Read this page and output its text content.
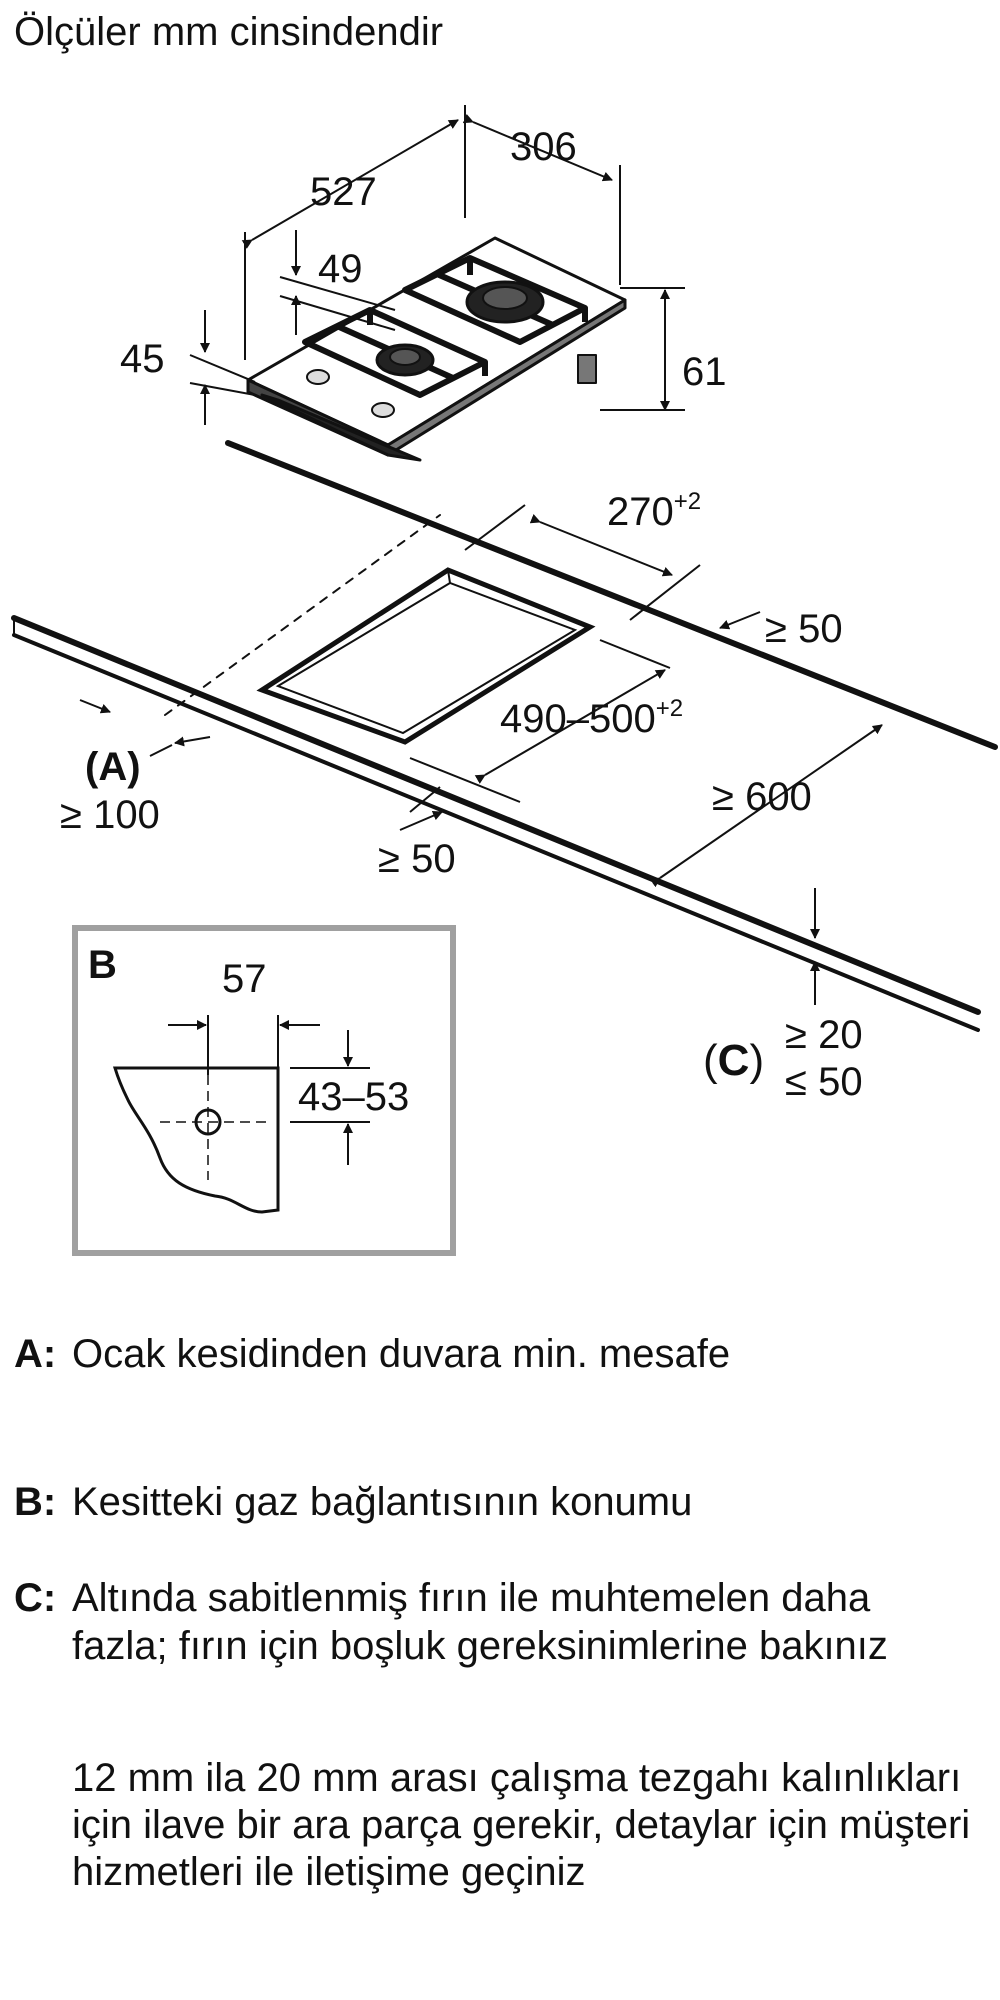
Ölçüler mm cinsindendir
527
306
49
45	61
$270^{+2}$
≥ 50
$490-500^{+2}$
≥ 600
≥ 50
(A)
≥ 100
(C)
≥ 20
≤ 50
B	57
43–53
A: Ocak kesidinden duvara min. mesafe
B: Kesitteki gaz bağlantısının konumu
C: Altında sabitlenmiş fırın ile muhtemelen daha fazla; fırın için boşluk gereksinimlerine bakınız
12 mm ila 20 mm arası çalışma tezgahı kalınlıkları için ilave bir ara parça gerekir, detaylar için müşteri hizmetleri ile iletişime geçiniz
